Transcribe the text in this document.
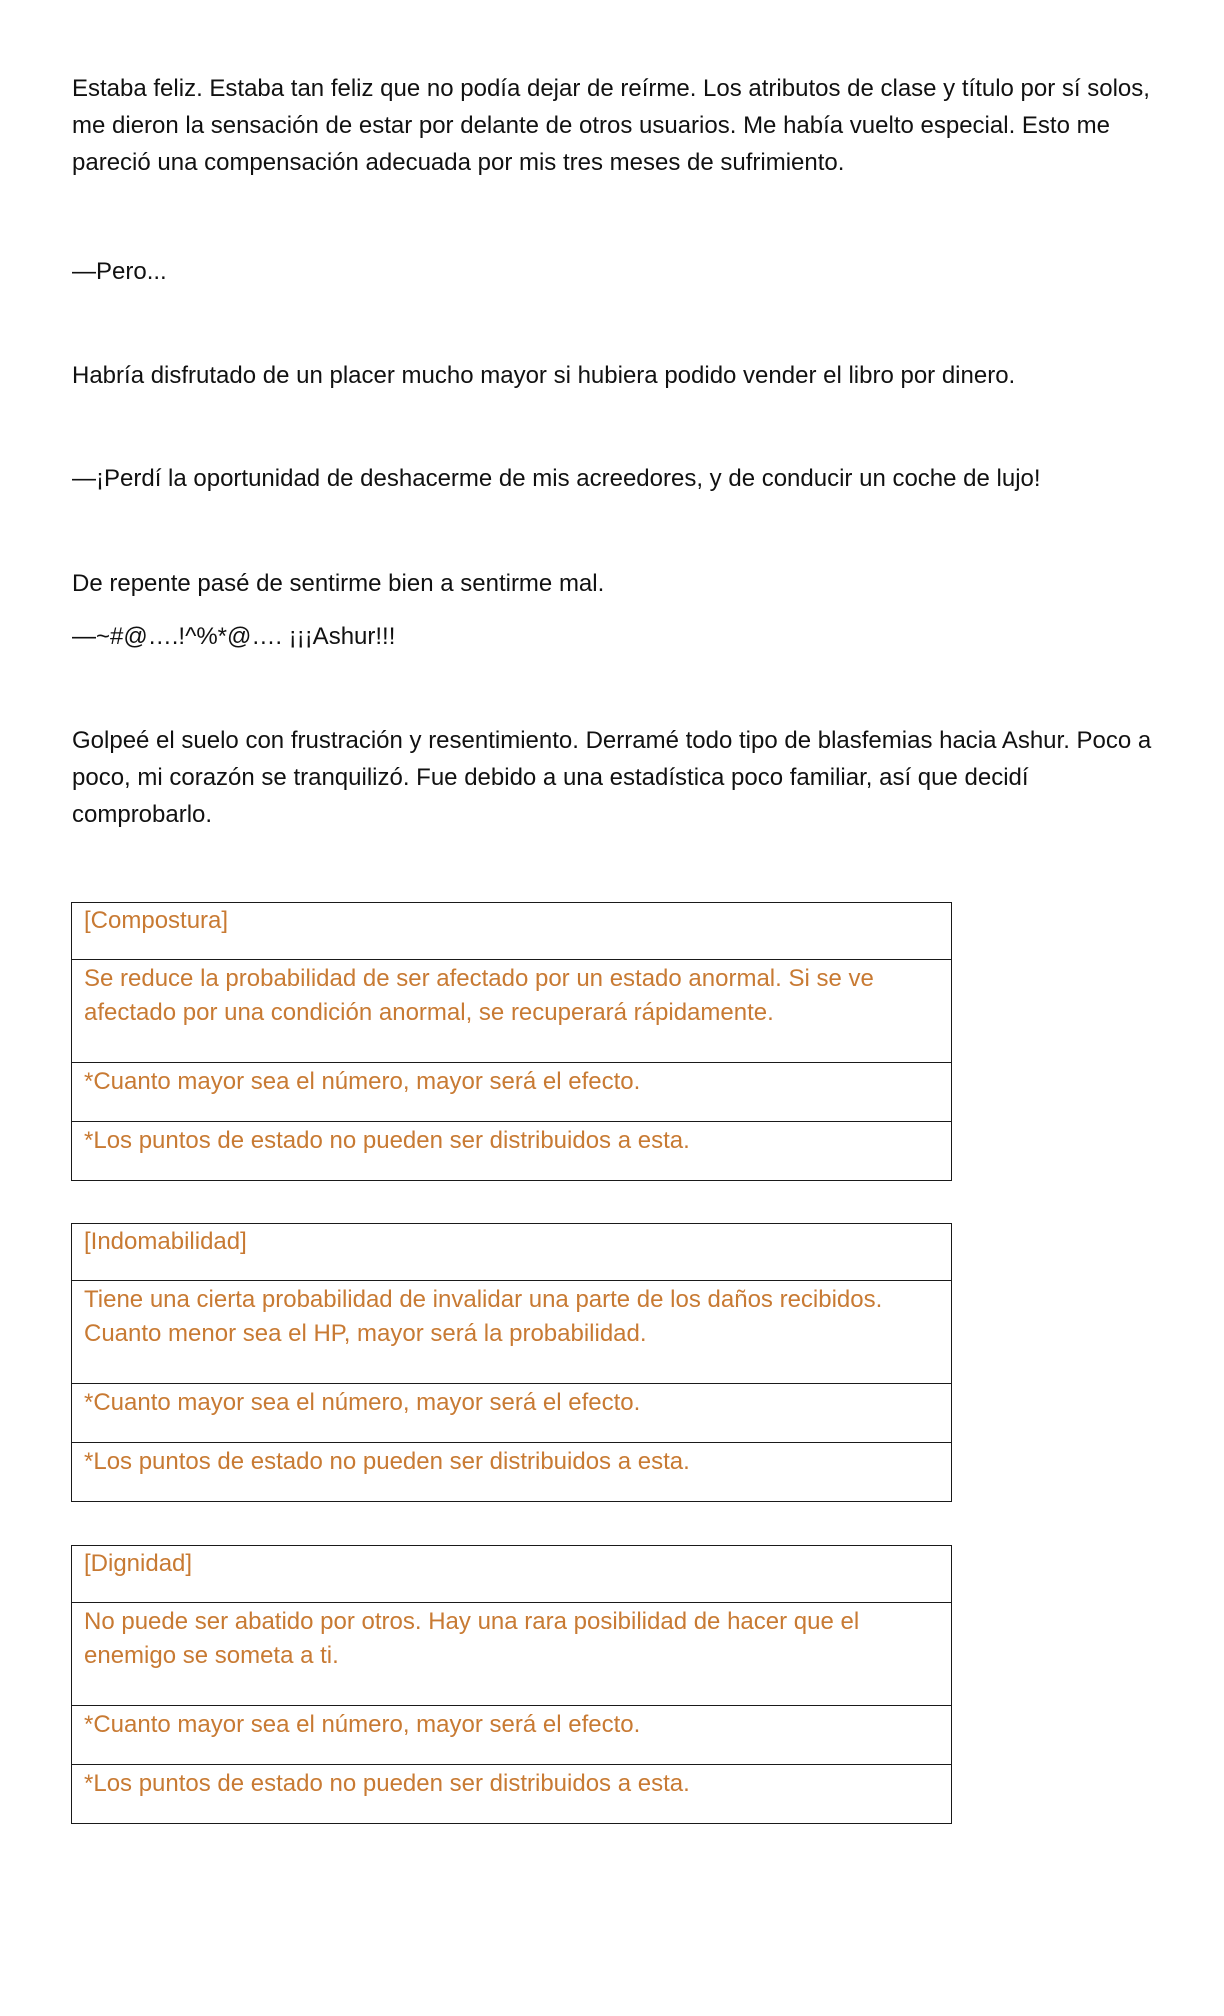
Estaba feliz. Estaba tan feliz que no podía dejar de reírme. Los atributos de clase y título por sí solos, me dieron la sensación de estar por delante de otros usuarios. Me había vuelto especial. Esto me pareció una compensación adecuada por mis tres meses de sufrimiento.

—Pero...

Habría disfrutado de un placer mucho mayor si hubiera podido vender el libro por dinero.

—¡Perdí la oportunidad de deshacerme de mis acreedores, y de conducir un coche de lujo!

De repente pasé de sentirme bien a sentirme mal.

—~#@….!^%*@…. ¡¡¡Ashur!!!

Golpeé el suelo con frustración y resentimiento. Derramé todo tipo de blasfemias hacia Ashur. Poco a poco, mi corazón se tranquilizó. Fue debido a una estadística poco familiar, así que decidí comprobarlo.

[Compostura]
Se reduce la probabilidad de ser afectado por un estado anormal. Si se ve afectado por una condición anormal, se recuperará rápidamente.
*Cuanto mayor sea el número, mayor será el efecto.
*Los puntos de estado no pueden ser distribuidos a esta.
[Indomabilidad]
Tiene una cierta probabilidad de invalidar una parte de los daños recibidos. Cuanto menor sea el HP, mayor será la probabilidad.
*Cuanto mayor sea el número, mayor será el efecto.
*Los puntos de estado no pueden ser distribuidos a esta.
[Dignidad]
No puede ser abatido por otros. Hay una rara posibilidad de hacer que el enemigo se someta a ti.
*Cuanto mayor sea el número, mayor será el efecto.
*Los puntos de estado no pueden ser distribuidos a esta.
